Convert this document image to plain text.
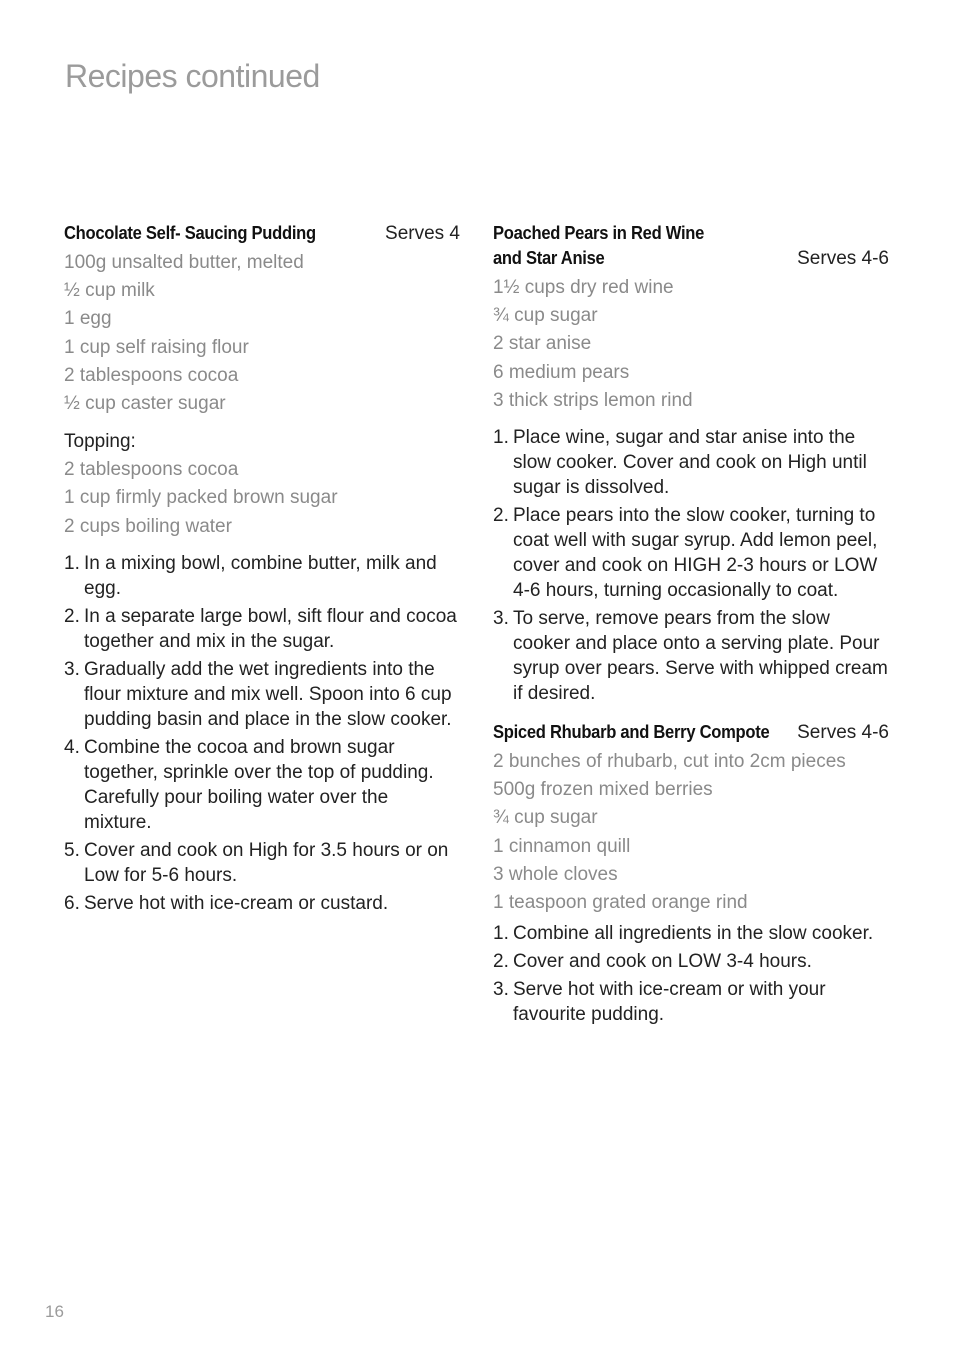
Recipes continued
Chocolate Self- Saucing Pudding	Serves 4
100g unsalted butter, melted
½ cup milk
1 egg
1 cup self raising flour
2 tablespoons cocoa
½ cup caster sugar
Topping:
2 tablespoons cocoa
1 cup firmly packed brown sugar
2 cups boiling water
1. In a mixing bowl, combine butter, milk and egg.
2. In a separate large bowl, sift flour and cocoa together and mix in the sugar.
3. Gradually add the wet ingredients into the flour mixture and mix well. Spoon into 6 cup pudding basin and place in the slow cooker.
4. Combine the cocoa and brown sugar together, sprinkle over the top of pudding. Carefully pour boiling water over the mixture.
5. Cover and cook on High for 3.5 hours or on Low for 5-6 hours.
6. Serve hot with ice-cream or custard.
Poached Pears in Red Wine
and Star Anise	Serves 4-6
1½ cups dry red wine
¾ cup sugar
2 star anise
6 medium pears
3 thick strips lemon rind
1. Place wine, sugar and star anise into the slow cooker. Cover and cook on High until sugar is dissolved.
2. Place pears into the slow cooker, turning to coat well with sugar syrup. Add lemon peel, cover and cook on HIGH 2-3 hours or LOW 4-6 hours, turning occasionally to coat.
3. To serve, remove pears from the slow cooker and place onto a serving plate. Pour syrup over pears. Serve with whipped cream if desired.
Spiced Rhubarb and Berry Compote Serves 4-6
2 bunches of rhubarb, cut into 2cm pieces
500g frozen mixed berries
¾ cup sugar
1 cinnamon quill
3 whole cloves
1 teaspoon grated orange rind
1. Combine all ingredients in the slow cooker.
2. Cover and cook on LOW 3-4 hours.
3. Serve hot with ice-cream or with your favourite pudding.
16
